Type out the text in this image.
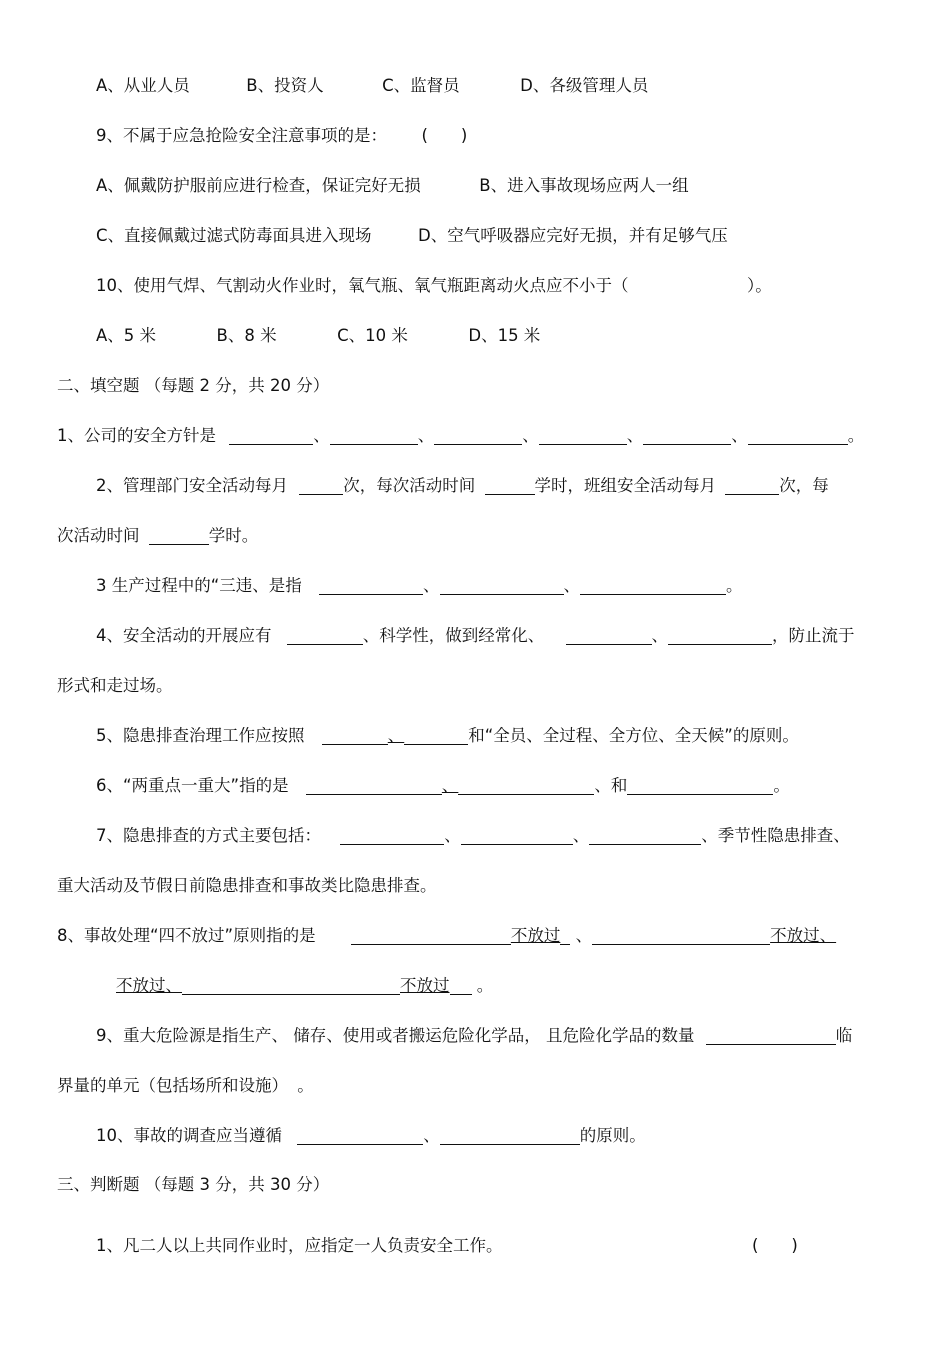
A、从业人员	B、投资人	C、监督员	D、各级管理人员
9、不属于应急抢险安全注意事项的是： (　　)
A、佩戴防护服前应进行检查，保证完好无损	B、进入事故现场应两人一组
C、直接佩戴过滤式防毒面具进入现场	D、空气呼吸器应完好无损，并有足够气压
10、使用气焊、气割动火作业时，氧气瓶、氧气瓶距离动火点应不小于（	）。
A、5 米	B、8 米	C、10 米	D、15 米
二、填空题 （每题 2 分，共 20 分）
1、公司的安全方针是	、	、	、	、	、	。
2、管理部门安全活动每月	次，每次活动时间	学时，班组安全活动每月	次，每
次活动时间	学时。
3 生产过程中的“三违、是指	、	、	。
4、安全活动的开展应有	、科学性，做到经常化、	、	，防止流于
形式和走过场。
5、隐患排查治理工作应按照	、	和“全员、全过程、全方位、全天候”的原则。
6、“两重点一重大”指的是	、	、和	。
7、隐患排查的方式主要包括：	、	、	、季节性隐患排查、
重大活动及节假日前隐患排查和事故类比隐患排查。
8、事故处理“四不放过”原则指的是	不放过 、	不放过、
不放过、	不放过 。
9、重大危险源是指生产、 储存、使用或者搬运危险化学品， 且危险化学品的数量	临
界量的单元（包括场所和设施） 。
10、事故的调查应当遵循	、	的原则。
三、判断题 （每题 3 分，共 30 分）
1、凡二人以上共同作业时，应指定一人负责安全工作。	(　　)
